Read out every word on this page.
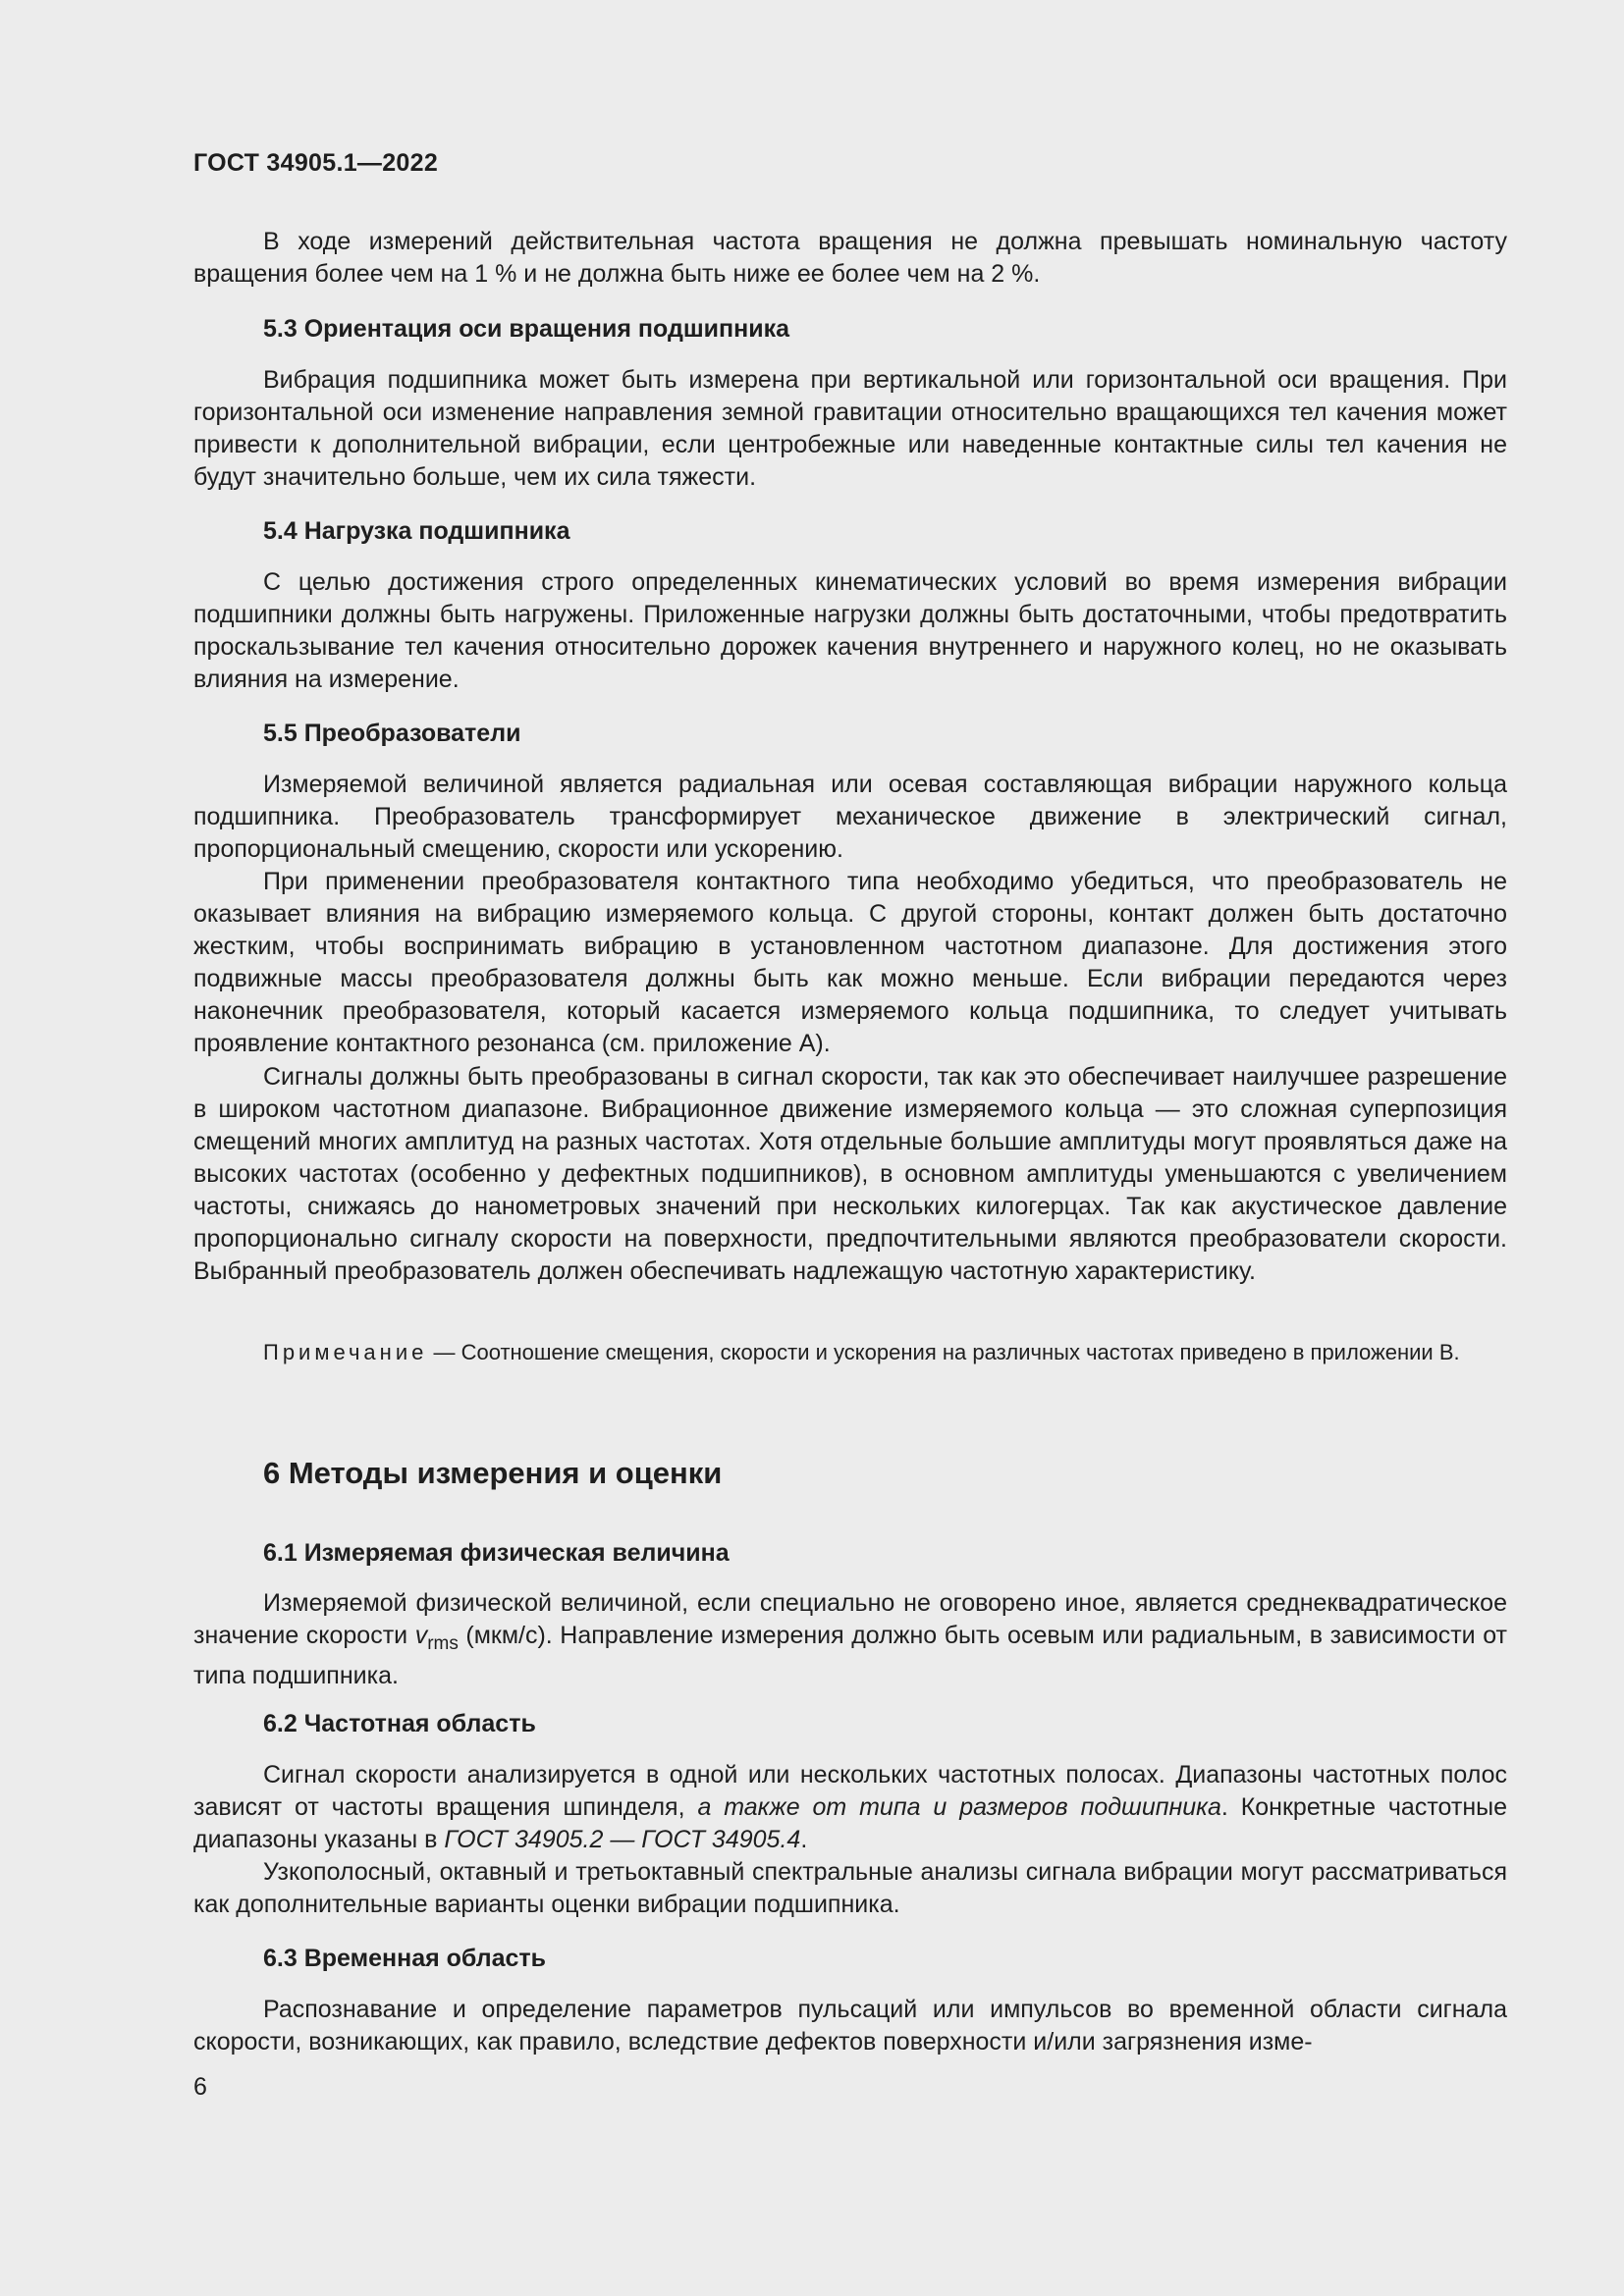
ГОСТ 34905.1—2022
В ходе измерений действительная частота вращения не должна превышать номинальную частоту вращения более чем на 1 % и не должна быть ниже ее более чем на 2 %.
5.3 Ориентация оси вращения подшипника
Вибрация подшипника может быть измерена при вертикальной или горизонтальной оси вращения. При горизонтальной оси изменение направления земной гравитации относительно вращающихся тел качения может привести к дополнительной вибрации, если центробежные или наведенные контактные силы тел качения не будут значительно больше, чем их сила тяжести.
5.4 Нагрузка подшипника
С целью достижения строго определенных кинематических условий во время измерения вибрации подшипники должны быть нагружены. Приложенные нагрузки должны быть достаточными, чтобы предотвратить проскальзывание тел качения относительно дорожек качения внутреннего и наружного колец, но не оказывать влияния на измерение.
5.5 Преобразователи
Измеряемой величиной является радиальная или осевая составляющая вибрации наружного кольца подшипника. Преобразователь трансформирует механическое движение в электрический сигнал, пропорциональный смещению, скорости или ускорению.
При применении преобразователя контактного типа необходимо убедиться, что преобразователь не оказывает влияния на вибрацию измеряемого кольца. С другой стороны, контакт должен быть достаточно жестким, чтобы воспринимать вибрацию в установленном частотном диапазоне. Для достижения этого подвижные массы преобразователя должны быть как можно меньше. Если вибрации передаются через наконечник преобразователя, который касается измеряемого кольца подшипника, то следует учитывать проявление контактного резонанса (см. приложение А).
Сигналы должны быть преобразованы в сигнал скорости, так как это обеспечивает наилучшее разрешение в широком частотном диапазоне. Вибрационное движение измеряемого кольца — это сложная суперпозиция смещений многих амплитуд на разных частотах. Хотя отдельные большие амплитуды могут проявляться даже на высоких частотах (особенно у дефектных подшипников), в основном амплитуды уменьшаются с увеличением частоты, снижаясь до нанометровых значений при нескольких килогерцах. Так как акустическое давление пропорционально сигналу скорости на поверхности, предпочтительными являются преобразователи скорости. Выбранный преобразователь должен обеспечивать надлежащую частотную характеристику.
Примечание — Соотношение смещения, скорости и ускорения на различных частотах приведено в приложении В.
6 Методы измерения и оценки
6.1 Измеряемая физическая величина
Измеряемой физической величиной, если специально не оговорено иное, является среднеквадратическое значение скорости $v_{rms}$ (мкм/с). Направление измерения должно быть осевым или радиальным, в зависимости от типа подшипника.
6.2 Частотная область
Сигнал скорости анализируется в одной или нескольких частотных полосах. Диапазоны частотных полос зависят от частоты вращения шпинделя, а также от типа и размеров подшипника. Конкретные частотные диапазоны указаны в ГОСТ 34905.2 — ГОСТ 34905.4.
Узкополосный, октавный и третьоктавный спектральные анализы сигнала вибрации могут рассматриваться как дополнительные варианты оценки вибрации подшипника.
6.3 Временная область
Распознавание и определение параметров пульсаций или импульсов во временной области сигнала скорости, возникающих, как правило, вследствие дефектов поверхности и/или загрязнения изме-
6
